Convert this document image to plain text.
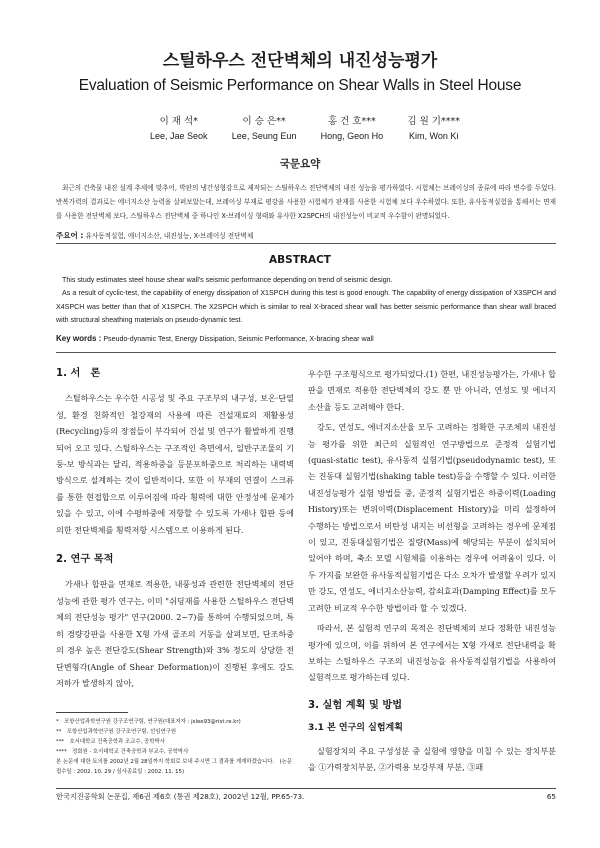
스틸하우스 전단벽체의 내진성능평가
Evaluation of Seismic Performance on Shear Walls in Steel House
이 재 석*
Lee, Jae Seok
이 승 은**
Lee, Seung Eun
홍 건 호***
Hong, Geon Ho
김 원 기****
Kim, Won Ki
국문요약
최근의 건축물 내진 설계 추세에 맞추어, 박판의 냉간성형강으로 제작되는 스틸하우스 전단벽체의 내진 성능을 평가하였다. 시험체는 브레이싱의 종류에 따라 변수를 두었다. 반복가력의 결과로는 에너지소산 능력을 살펴보았는데, 브레이싱 부재로 평강을 사용한 시험체가 판재를 사용한 시험체 보다 우수하였다. 또한, 유사동적실험을 통해서는 면재를 사용한 전단벽체 보다, 스틸하우스 전단벽체 중 하나인 X-브레이싱 형태와 유사한 X2SPCH의 내진성능이 비교적 우수함이 판명되었다.
주요어 : 유사동적실험, 에너지소산, 내진성능, X-브레이싱 전단벽체
ABSTRACT

This study estimates steel house shear wall's seismic performance depending on trend of seismic design.

As a result of cyclic-test, the capability of energy dissipation of X1SPCH during this test is good enough. The capability of energy dissipation of X3SPCH and X4SPCH was better than that of X1SPCH. The X2SPCH which is similar to real X-braced shear wall has better seismic performance than shear wall braced with structural sheathing materials on pseudo-dynamic test.

Key words : Pseudo-dynamic Test, Energy Dissipation, Seismic Performance, X-bracing shear wall
1. 서　론

스틸하우스는 우수한 시공성 및 주요 구조부의 내구성, 보온·단열성, 환경 친화적인 철강재의 사용에 따른 건설재료의 재활용성(Recycling)등의 장점들이 부각되어 건설 및 연구가 활발하게 진행되어 오고 있다. 스틸하우스는 구조적인 측면에서, 일반구조물의 기둥-보 방식과는 달리, 적용하중을 등분포하중으로 처리하는 내력벽 방식으로 설계하는 것이 일반적이다. 또한 이 부재의 연결이 스크류를 통한 현접합으로 이루어짐에 따라 횡력에 대한 안정성에 문제가 있을 수 있고, 이에 수평하중에 저항할 수 있도록 가새나 합판 등에 의한 전단벽체를 횡력저항 시스템으로 이용하게 된다.

2. 연구 목적

가새나 합판을 면재로 적용한, 내풍성과 관련한 전단벽체의 전단성능에 관한 평가 연구는, 이미 "쉬딩재를 사용한 스틸하우스 전단벽체의 전단성능 평가" 연구(2000. 2~7)를 통하여 수행되었으며, 특히 경량강판을 사용한 X형 가새 골조의 거동을 살펴보면, 단조하중의 경우 높은 전단강도(Shear Strength)와 3% 정도의 상당한 전단변형각(Angle of Shear Deformation)이 진행된 후에도 강도저하가 발생하지 않아,

우수한 구조형식으로 평가되었다.(1) 한편, 내진성능평가는, 가새나 합판을 면재로 적용한 전단벽체의 강도 뿐 만 아니라, 연성도 및 에너지 소산율 등도 고려해야 한다.

강도, 연성도, 에너지소산율 모두 고려하는 정확한 구조체의 내진성능 평가를 위한 최근의 실험적인 연구방법으로 준정적 실험기법(quasi-static test), 유사동적 실험기법(pseudodynamic test), 또는 진동대 실험기법(shaking table test)등을 수행할 수 있다. 이러한 내진성능평가 실험 방법들 중, 준정적 실험기법은 하중이력(Loading History)또는 변위이력(Displacement History)을 미리 설정하여 수행하는 방법으로서 비탄성 내지는 비선형을 고려하는 경우에 문제점이 있고, 진동대실험기법은 질량(Mass)에 해당되는 부분이 설치되어 있어야 하며, 축소 모델 시험체를 이용하는 경우에 어려움이 있다. 이 두 가지를 보완한 유사동적실험기법은 다소 오차가 발생할 우려가 있지만 강도, 연성도, 에너지소산능력, 감쇠효과(Damping Effect)를 모두 고려한 비교적 우수한 방법이라 할 수 있겠다.

따라서, 본 실험적 연구의 목적은 전단벽체의 보다 정확한 내진성능평가에 있으며, 이를 위하여 본 연구에서는 X형 가새로 전단내력을 확보하는 스틸하우스 구조의 내진성능을 유사동적실험기법을 사용하여 실험적으로 평가하는데 있다.

3. 실험 계획 및 방법
3.1 본 연구의 실험계획

실험장치의 주요 구성성분 중 실험에 영향을 미칠 수 있는 장치부분을 ①가력장치부분, ②가력용 보강부재 부분, ③패

*　포항산업과학연구원 강구조연구팀, 연구원(대표저자 : jslee93@rist.re.kr)
**　포항산업과학연구원 강구조연구팀, 선임연구원
***　호서대학교 건축공학과 조교수, 공학박사
****　정회원 · 호서대학교 건축공학과 부교수, 공학박사
본 논문에 대한 토의를 2002년 2월 28일까지 학회로 보내 주시면 그 결과를 게재하겠습니다.　(논문접수일 : 2002. 10. 29 / 심사종료일 : 2002. 11. 15)
한국지진공학회 논문집, 제6권 제6호 (통권 제28호), 2002년 12월, PP.65-73.	65
